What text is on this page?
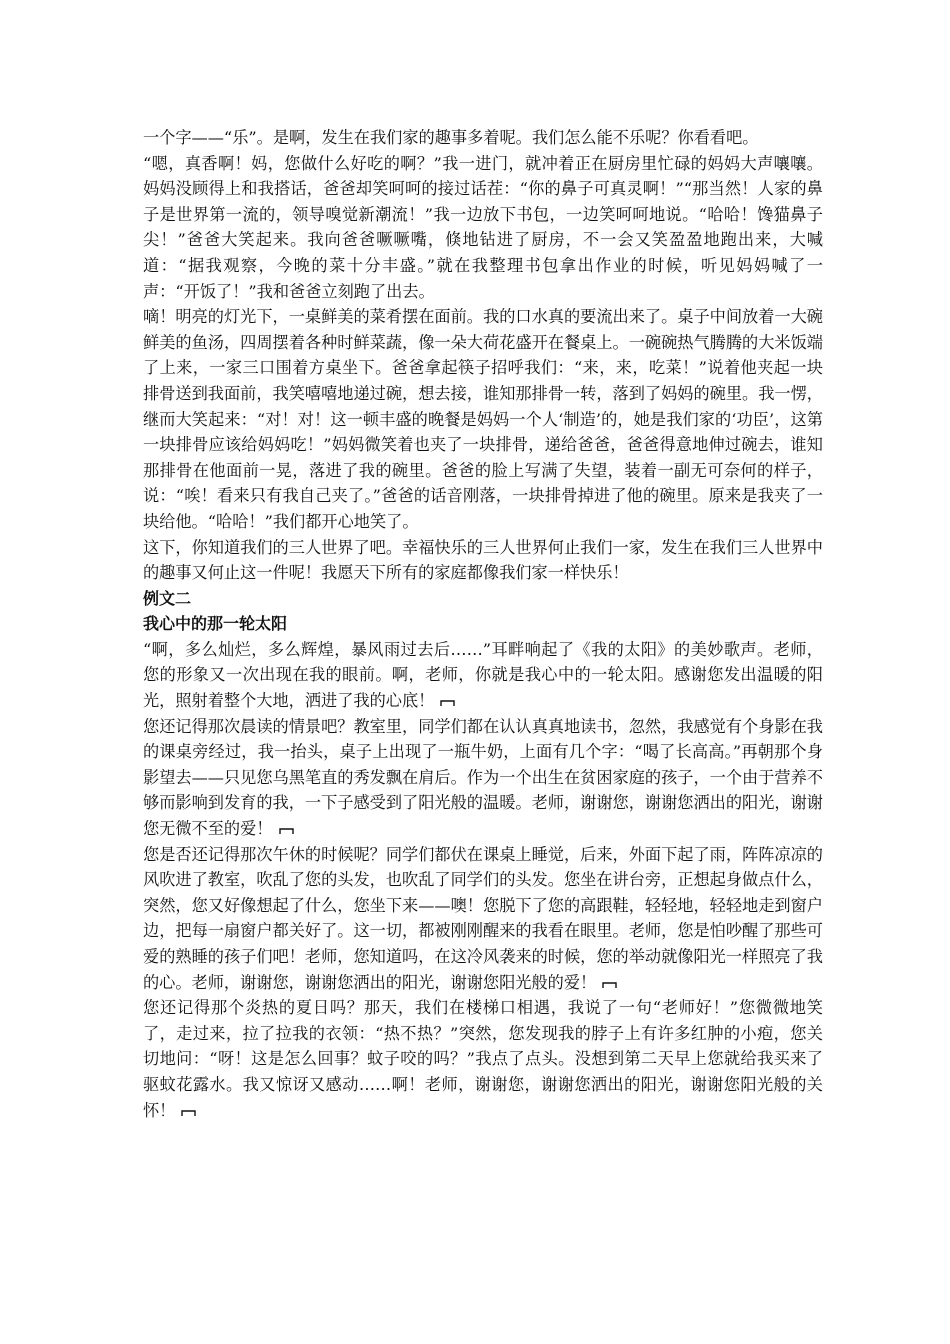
一个字——“乐”。是啊，发生在我们家的趣事多着呢。我们怎么能不乐呢？你看看吧。

“嗯，真香啊！妈，您做什么好吃的啊？”我一进门，就冲着正在厨房里忙碌的妈妈大声嚷嚷。妈妈没顾得上和我搭话，爸爸却笑呵呵的接过话茬：“你的鼻子可真灵啊！”“那当然！人家的鼻子是世界第一流的，领导嗅觉新潮流！”我一边放下书包，一边笑呵呵地说。“哈哈！馋猫鼻子尖！”爸爸大笑起来。我向爸爸噘噘嘴，倏地钻进了厨房，不一会又笑盈盈地跑出来，大喊道：“据我观察，今晚的菜十分丰盛。”就在我整理书包拿出作业的时候，听见妈妈喊了一声：“开饭了！”我和爸爸立刻跑了出去。

嘀！明亮的灯光下，一桌鲜美的菜肴摆在面前。我的口水真的要流出来了。桌子中间放着一大碗鲜美的鱼汤，四周摆着各种时鲜菜蔬，像一朵大荷花盛开在餐桌上。一碗碗热气腾腾的大米饭端了上来，一家三口围着方桌坐下。爸爸拿起筷子招呼我们：“来，来，吃菜！”说着他夹起一块排骨送到我面前，我笑嘻嘻地递过碗，想去接，谁知那排骨一转，落到了妈妈的碗里。我一愣，继而大笑起来：“对！对！这一顿丰盛的晚餐是妈妈一个人‘制造’的，她是我们家的‘功臣’，这第一块排骨应该给妈妈吃！”妈妈微笑着也夹了一块排骨，递给爸爸，爸爸得意地伸过碗去，谁知那排骨在他面前一晃，落进了我的碗里。爸爸的脸上写满了失望，装着一副无可奈何的样子，说：“唉！看来只有我自己夹了。”爸爸的话音刚落，一块排骨掉进了他的碗里。原来是我夹了一块给他。“哈哈！”我们都开心地笑了。

这下，你知道我们的三人世界了吧。幸福快乐的三人世界何止我们一家，发生在我们三人世界中的趣事又何止这一件呢！我愿天下所有的家庭都像我们家一样快乐！

例文二

我心中的那一轮太阳

“啊，多么灿烂，多么辉煌，暴风雨过去后……”耳畔响起了《我的太阳》的美妙歌声。老师，您的形象又一次出现在我的眼前。啊，老师，你就是我心中的一轮太阳。感谢您发出温暖的阳光，照射着整个大地，洒进了我的心底！

您还记得那次晨读的情景吧？教室里，同学们都在认认真真地读书，忽然，我感觉有个身影在我的课桌旁经过，我一抬头，桌子上出现了一瓶牛奶，上面有几个字：“喝了长高高。”再朝那个身影望去——只见您乌黑笔直的秀发飘在肩后。作为一个出生在贫困家庭的孩子，一个由于营养不够而影响到发育的我，一下子感受到了阳光般的温暖。老师，谢谢您，谢谢您洒出的阳光，谢谢您无微不至的爱！

您是否还记得那次午休的时候呢？同学们都伏在课桌上睡觉，后来，外面下起了雨，阵阵凉凉的风吹进了教室，吹乱了您的头发，也吹乱了同学们的头发。您坐在讲台旁，正想起身做点什么，突然，您又好像想起了什么，您坐下来——噢！您脱下了您的高跟鞋，轻轻地，轻轻地走到窗户边，把每一扇窗户都关好了。这一切，都被刚刚醒来的我看在眼里。老师，您是怕吵醒了那些可爱的熟睡的孩子们吧！老师，您知道吗，在这冷风袭来的时候，您的举动就像阳光一样照亮了我的心。老师，谢谢您，谢谢您洒出的阳光，谢谢您阳光般的爱！

您还记得那个炎热的夏日吗？那天，我们在楼梯口相遇，我说了一句“老师好！”您微微地笑了，走过来，拉了拉我的衣领：“热不热？”突然，您发现我的脖子上有许多红肿的小疱，您关切地问：“呀！这是怎么回事？蚊子咬的吗？”我点了点头。没想到第二天早上您就给我买来了驱蚊花露水。我又惊讶又感动……啊！老师，谢谢您，谢谢您洒出的阳光，谢谢您阳光般的关怀！
